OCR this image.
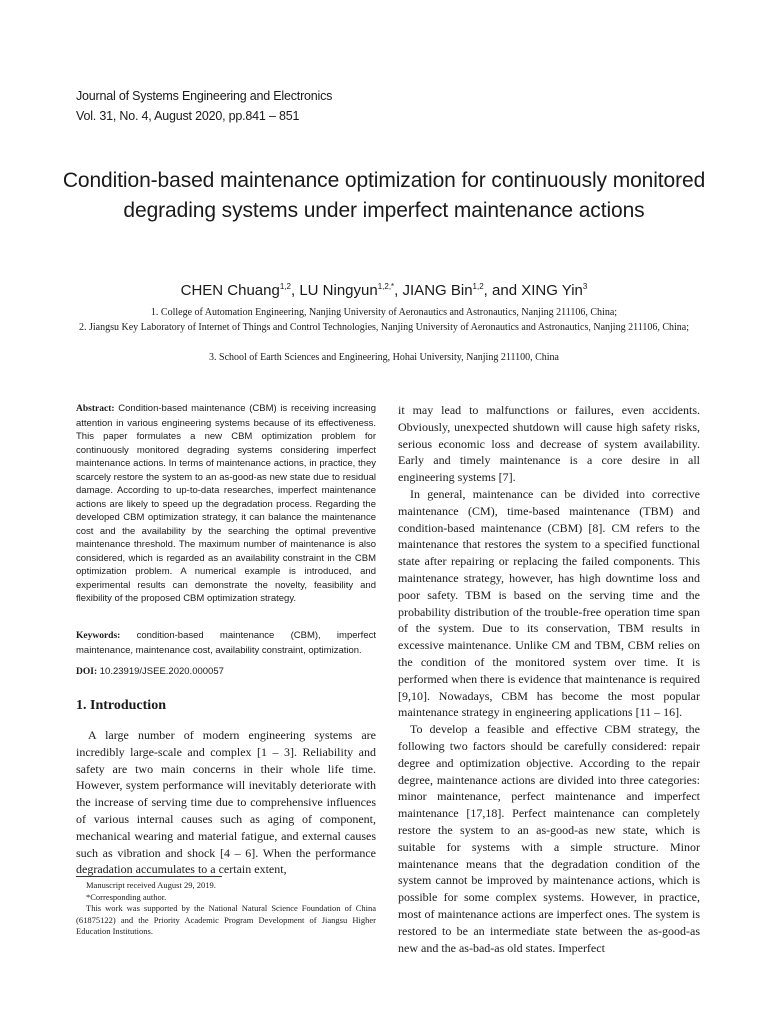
Journal of Systems Engineering and Electronics
Vol. 31, No. 4, August 2020, pp.841 – 851
Condition-based maintenance optimization for continuously monitored degrading systems under imperfect maintenance actions
CHEN Chuang$^{1,2}$, LU Ningyun$^{1,2,*}$, JIANG Bin$^{1,2}$, and XING Yin$^3$
1. College of Automation Engineering, Nanjing University of Aeronautics and Astronautics, Nanjing 211106, China;
2. Jiangsu Key Laboratory of Internet of Things and Control Technologies, Nanjing University of Aeronautics and Astronautics, Nanjing 211106, China;
3. School of Earth Sciences and Engineering, Hohai University, Nanjing 211100, China
Abstract: Condition-based maintenance (CBM) is receiving increasing attention in various engineering systems because of its effectiveness. This paper formulates a new CBM optimization problem for continuously monitored degrading systems considering imperfect maintenance actions. In terms of maintenance actions, in practice, they scarcely restore the system to an as-good-as new state due to residual damage. According to up-to-data researches, imperfect maintenance actions are likely to speed up the degradation process. Regarding the developed CBM optimization strategy, it can balance the maintenance cost and the availability by the searching the optimal preventive maintenance threshold. The maximum number of maintenance is also considered, which is regarded as an availability constraint in the CBM optimization problem. A numerical example is introduced, and experimental results can demonstrate the novelty, feasibility and flexibility of the proposed CBM optimization strategy.
Keywords: condition-based maintenance (CBM), imperfect maintenance, maintenance cost, availability constraint, optimization.
DOI: 10.23919/JSEE.2020.000057
1. Introduction
A large number of modern engineering systems are incredibly large-scale and complex [1 – 3]. Reliability and safety are two main concerns in their whole life time. However, system performance will inevitably deteriorate with the increase of serving time due to comprehensive influences of various internal causes such as aging of component, mechanical wearing and material fatigue, and external causes such as vibration and shock [4 – 6]. When the performance degradation accumulates to a certain extent,

Manuscript received August 29, 2019.

*Corresponding author.

This work was supported by the National Natural Science Foundation of China (61875122) and the Priority Academic Program Development of Jiangsu Higher Education Institutions.

it may lead to malfunctions or failures, even accidents. Obviously, unexpected shutdown will cause high safety risks, serious economic loss and decrease of system availability. Early and timely maintenance is a core desire in all engineering systems [7].

In general, maintenance can be divided into corrective maintenance (CM), time-based maintenance (TBM) and condition-based maintenance (CBM) [8]. CM refers to the maintenance that restores the system to a specified functional state after repairing or replacing the failed components. This maintenance strategy, however, has high downtime loss and poor safety. TBM is based on the serving time and the probability distribution of the trouble-free operation time span of the system. Due to its conservation, TBM results in excessive maintenance. Unlike CM and TBM, CBM relies on the condition of the monitored system over time. It is performed when there is evidence that maintenance is required [9,10]. Nowadays, CBM has become the most popular maintenance strategy in engineering applications [11 – 16].

To develop a feasible and effective CBM strategy, the following two factors should be carefully considered: repair degree and optimization objective. According to the repair degree, maintenance actions are divided into three categories: minor maintenance, perfect maintenance and imperfect maintenance [17,18]. Perfect maintenance can completely restore the system to an as-good-as new state, which is suitable for systems with a simple structure. Minor maintenance means that the degradation condition of the system cannot be improved by maintenance actions, which is possible for some complex systems. However, in practice, most of maintenance actions are imperfect ones. The system is restored to be an intermediate state between the as-good-as new and the as-bad-as old states. Imperfect
